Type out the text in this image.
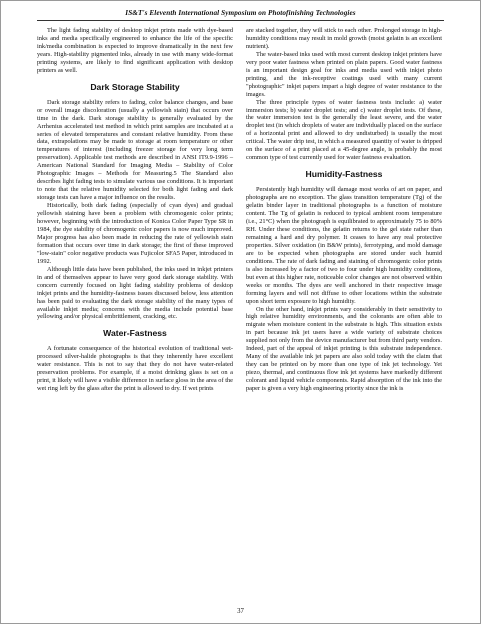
IS&T's Eleventh International Symposium on Photofinishing Technologies

The light fading stability of desktop inkjet prints made with dye-based inks and media specifically engineered to enhance the life of the specific ink/media combination is expected to improve dramatically in the next few years. High-stability pigmented inks, already in use with many wide-format printing systems, are likely to find significant application with desktop printers as well.

Dark Storage Stability

Dark storage stability refers to fading, color balance changes, and base or overall image discoloration (usually a yellowish stain) that occurs over time in the dark. Dark storage stability is generally evaluated by the Arrhenius accelerated test method in which print samples are incubated at a series of elevated temperatures and constant relative humidity. From these data, extrapolations may be made to storage at room temperature or other temperatures of interest (including freezer storage for very long term preservation). Applicable test methods are described in ANSI IT9.9-1996 – American National Standard for Imaging Media – Stability of Color Photographic Images – Methods for Measuring.5 The Standard also describes light fading tests to simulate various use conditions. It is important to note that the relative humidity selected for both light fading and dark storage tests can have a major influence on the results.

Historically, both dark fading (especially of cyan dyes) and gradual yellowish staining have been a problem with chromogenic color prints; however, beginning with the introduction of Konica Color Paper Type SR in 1984, the dye stability of chromogenic color papers is now much improved. Major progress has also been made in reducing the rate of yellowish stain formation that occurs over time in dark storage; the first of these improved "low-stain" color negative products was Fujicolor SFA5 Paper, introduced in 1992.

Although little data have been published, the inks used in inkjet printers in and of themselves appear to have very good dark storage stability. With concern currently focused on light fading stability problems of desktop inkjet prints and the humidity-fastness issues discussed below, less attention has been paid to evaluating the dark storage stability of the many types of available inkjet media; concerns with the media include potential base yellowing and/or physical embrittlement, cracking, etc.

Water-Fastness

A fortunate consequence of the historical evolution of traditional wet-processed silver-halide photographs is that they inherently have excellent water resistance. This is not to say that they do not have water-related preservation problems. For example, if a moist drinking glass is set on a print, it likely will have a visible difference in surface gloss in the area of the wet ring left by the glass after the print is allowed to dry. If wet prints

are stacked together, they will stick to each other. Prolonged storage in high-humidity conditions may result in mold growth (moist gelatin is an excellent nutrient).

The water-based inks used with most current desktop inkjet printers have very poor water fastness when printed on plain papers. Good water fastness is an important design goal for inks and media used with inkjet photo printing, and the ink-receptive coatings used with many current "photographic" inkjet papers impart a high degree of water resistance to the images.

The three principle types of water fastness tests include: a) water immersion tests; b) water droplet tests; and c) water droplet tests. Of these, the water immersion test is the generally the least severe, and the water droplet test (in which droplets of water are individually placed on the surface of a horizontal print and allowed to dry undisturbed) is usually the most critical. The water drip test, in which a measured quantity of water is dripped on the surface of a print placed at a 45-degree angle, is probably the most common type of test currently used for water fastness evaluation.

Humidity-Fastness

Persistently high humidity will damage most works of art on paper, and photographs are no exception. The glass transition temperature (Tg) of the gelatin binder layer in traditional photographs is a function of moisture content. The Tg of gelatin is reduced to typical ambient room temperature (i.e., 21°C) when the photograph is equilibrated to approximately 75 to 80% RH. Under these conditions, the gelatin returns to the gel state rather than remaining a hard and dry polymer. It ceases to have any real protective properties. Silver oxidation (in B&W prints), ferrotyping, and mold damage are to be expected when photographs are stored under such humid conditions. The rate of dark fading and staining of chromogenic color prints is also increased by a factor of two to four under high humidity conditions, but even at this higher rate, noticeable color changes are not observed within weeks or months. The dyes are well anchored in their respective image forming layers and will not diffuse to other locations within the substrate upon short term exposure to high humidity.

On the other hand, inkjet prints vary considerably in their sensitivity to high relative humidity environments, and the colorants are often able to migrate when moisture content in the substrate is high. This situation exists in part because ink jet users have a wide variety of substrate choices supplied not only from the device manufacturer but from third party vendors. Indeed, part of the appeal of inkjet printing is this substrate independence. Many of the available ink jet papers are also sold today with the claim that they can be printed on by more than one type of ink jet technology. Yet piezo, thermal, and continuous flow ink jet systems have markedly different colorant and liquid vehicle components. Rapid absorption of the ink into the paper is given a very high engineering priority since the ink is

37
